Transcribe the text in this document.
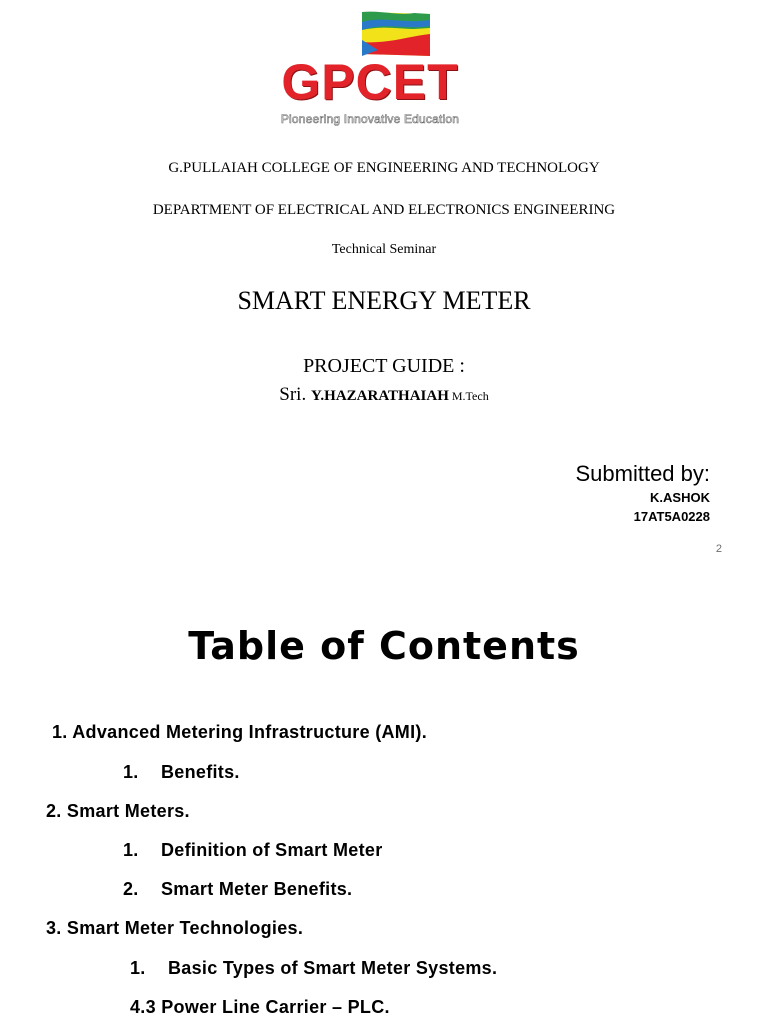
GPCET
Pioneering Innovative Education
G.PULLAIAH COLLEGE OF ENGINEERING AND TECHNOLOGY
DEPARTMENT OF ELECTRICAL AND ELECTRONICS ENGINEERING
Technical Seminar
SMART ENERGY METER
PROJECT GUIDE :
Sri. Y.HAZARATHAIAH M.Tech
Submitted by:
K.ASHOK
17AT5A0228
2
Table of Contents
1. Advanced Metering Infrastructure (AMI).
1. Benefits.
2. Smart Meters.
1. Definition of Smart Meter
2. Smart Meter Benefits.
3. Smart Meter Technologies.
1. Basic Types of Smart Meter Systems.
4.3 Power Line Carrier – PLC.
